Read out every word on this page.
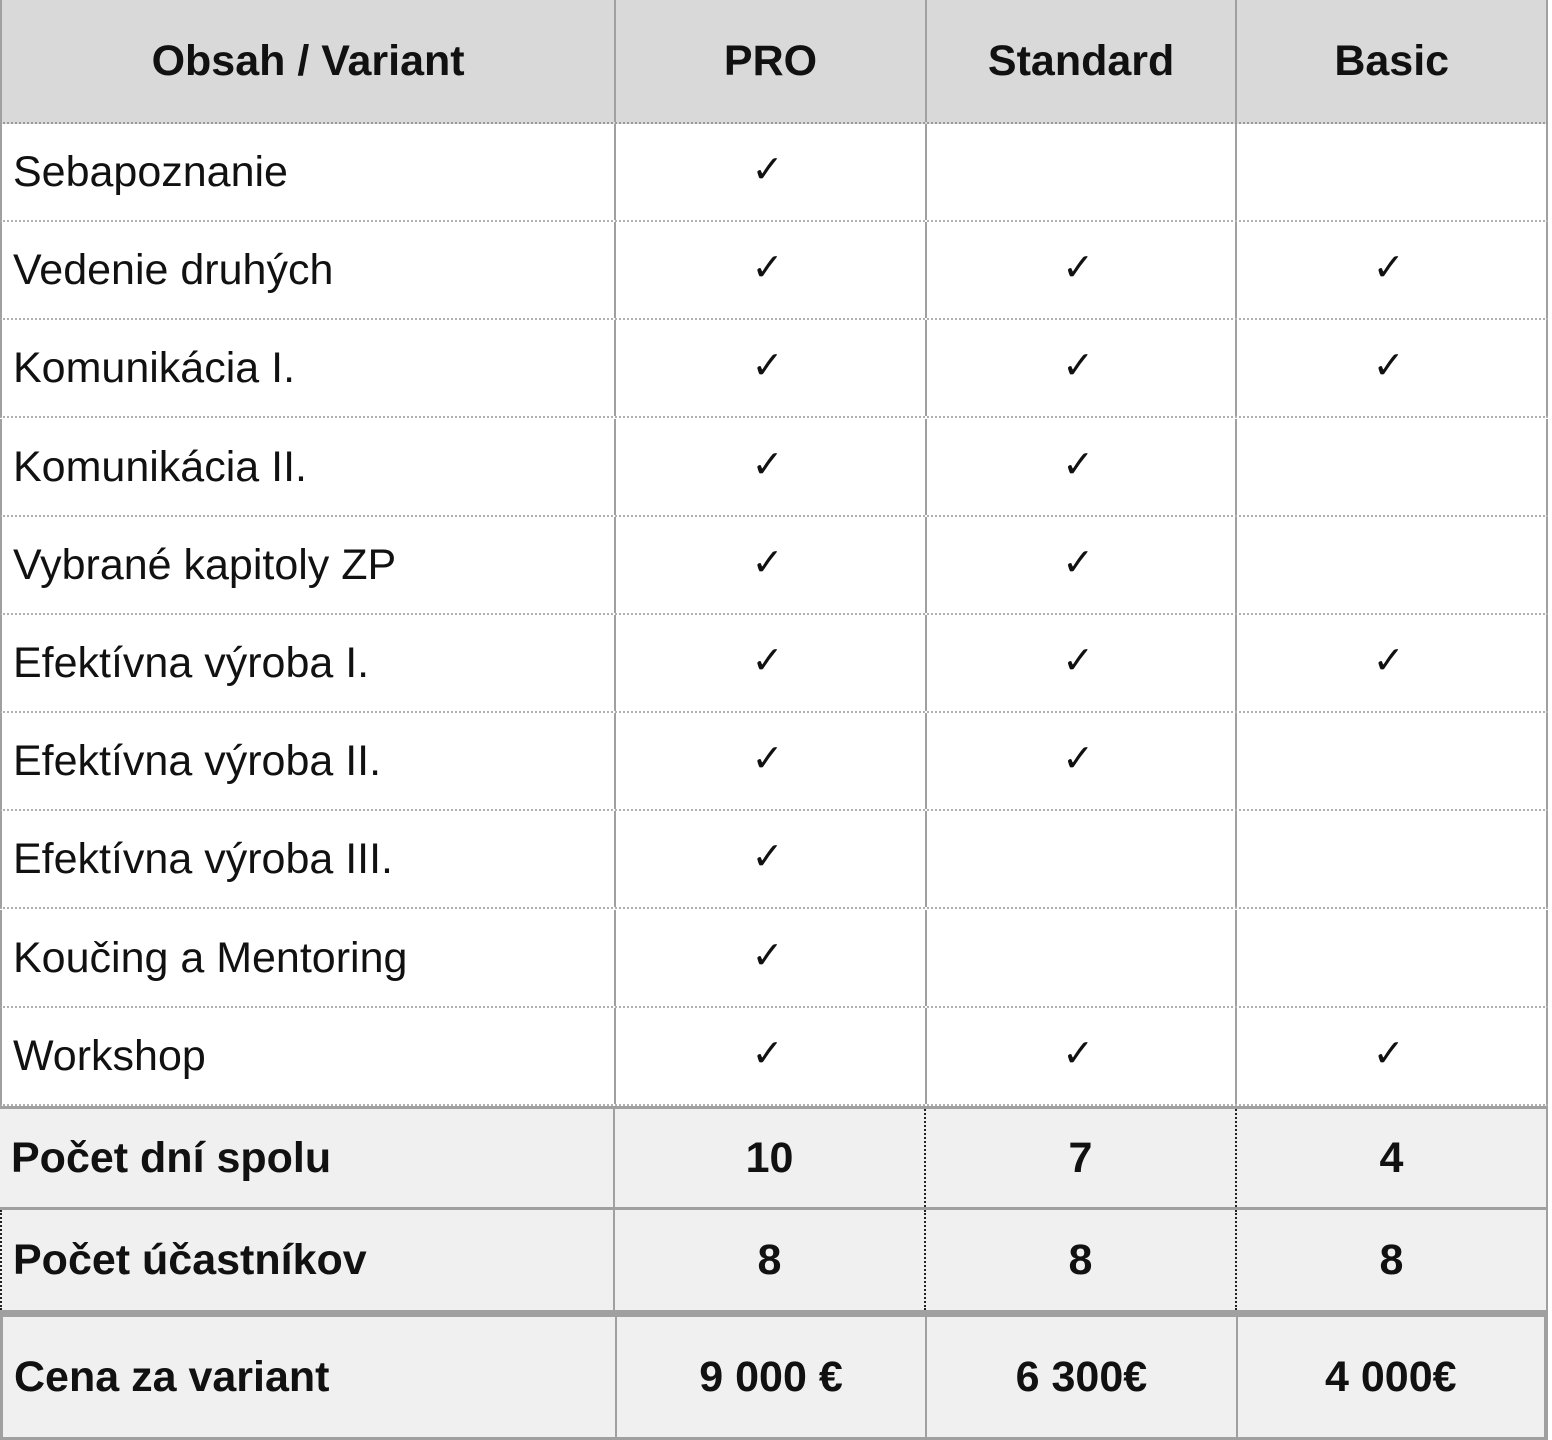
Obsah / Variant	PRO	Standard	Basic
Sebapoznanie	✓
Vedenie druhých	✓	✓	✓
Komunikácia I.	✓	✓	✓
Komunikácia II.	✓	✓
Vybrané kapitoly ZP	✓	✓
Efektívna výroba I.	✓	✓	✓
Efektívna výroba II.	✓	✓
Efektívna výroba III.	✓
Koučing a Mentoring	✓
Workshop	✓	✓	✓
Počet dní spolu	10	7	4
Počet účastníkov	8	8	8
Cena za variant	9 000 €	6 300€	4 000€
